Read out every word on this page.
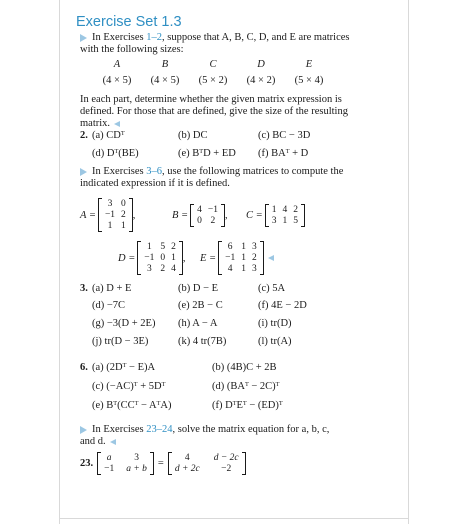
Exercise Set 1.3
In Exercises 1–2, suppose that A, B, C, D, and E are matrices
with the following sizes:
A	B	C	D	E
(4 × 5)	(4 × 5)	(5 × 2)	(4 × 2)	(5 × 4)
In each part, determine whether the given matrix expression is
defined. For those that are defined, give the size of the resulting
matrix.
2. (a) CDᵀ	(b) DC	(c) BC − 3D
(d) Dᵀ(BE)	(e) BᵀD + ED (f) BAᵀ + D
In Exercises 3–6, use the following matrices to compute the
indicated expression if it is defined.
A =
3 0
−1 2
1 1
,	B = 4 −1
0 2 , C = 1 4 2
3 1 5
D =
1 5 2
−1 0 1
3 2 4
, E =
6 1 3
−1 1 2
4 1 3
3. (a) D + E	(b) D − E	(c) 5A
(d) −7C	(e) 2B − C	(f) 4E − 2D
(g) −3(D + 2E) (h) A − A	(i) tr(D)
(j) tr(D − 3E)	(k) 4 tr(7B)	(l) tr(A)
6. (a) (2Dᵀ − E)A	(b) (4B)C + 2B
(c) (−AC)ᵀ + 5Dᵀ	(d) (BAᵀ − 2C)ᵀ
(e) Bᵀ(CCᵀ − AᵀA)	(f) DᵀEᵀ − (ED)ᵀ
In Exercises 23–24, solve the matrix equation for a, b, c,
and d.
23. a	3
−1 a + b =	4	d − 2c
d + 2c	−2
